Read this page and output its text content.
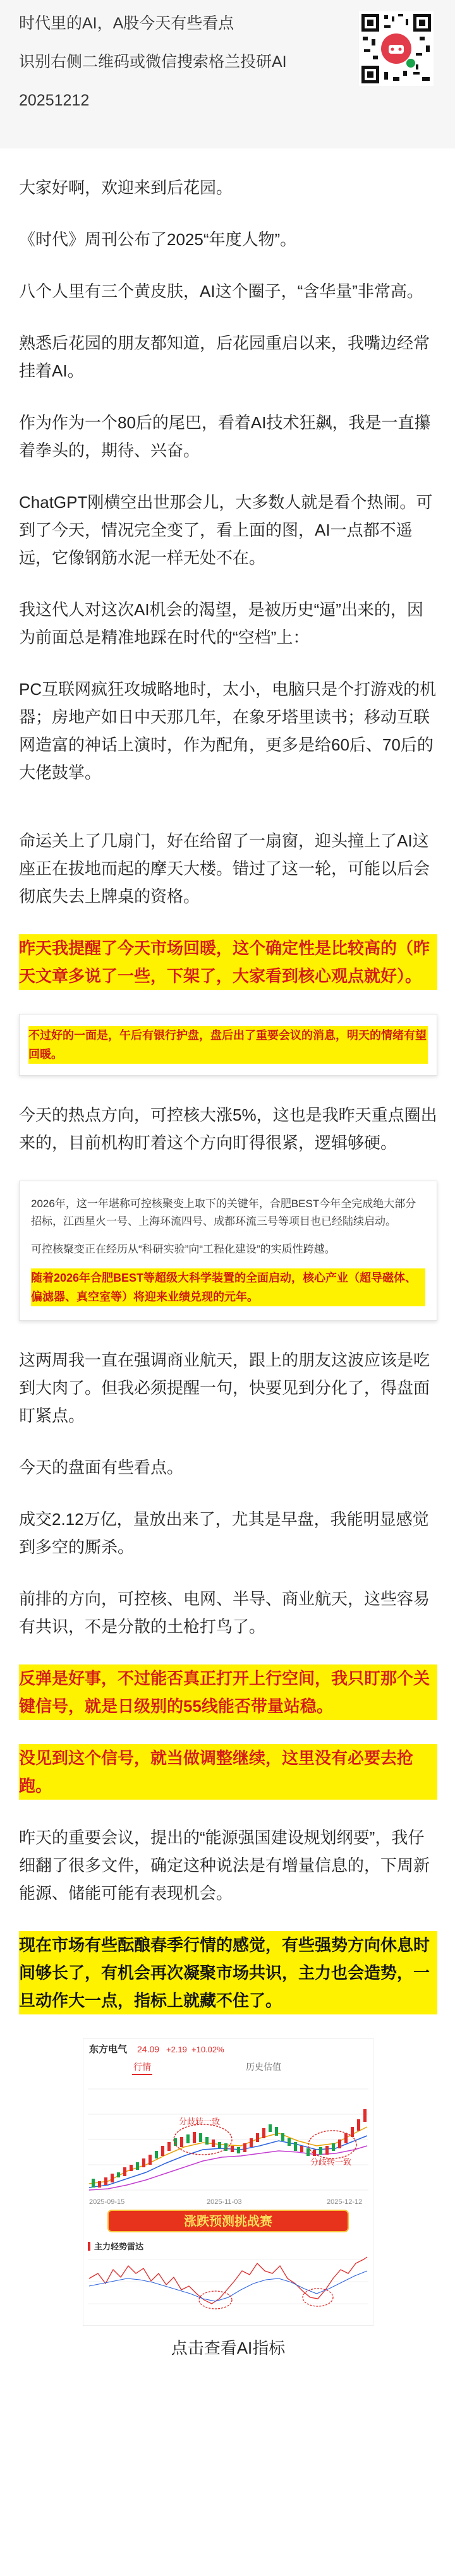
时代里的AI，A股今天有些看点
识别右侧二维码或微信搜索格兰投研AI
20251212

大家好啊，欢迎来到后花园。

《时代》周刊公布了2025“年度人物”。

八个人里有三个黄皮肤，AI这个圈子，“含华量”非常高。

熟悉后花园的朋友都知道，后花园重启以来，我嘴边经常挂着AI。

作为作为一个80后的尾巴，看着AI技术狂飙，我是一直攥着拳头的，期待、兴奋。

ChatGPT刚横空出世那会儿，大多数人就是看个热闹。可到了今天，情况完全变了，看上面的图，AI一点都不遥远，它像钢筋水泥一样无处不在。

我这代人对这次AI机会的渴望，是被历史“逼”出来的，因为前面总是精准地踩在时代的“空档”上：

PC互联网疯狂攻城略地时，太小，电脑只是个打游戏的机器；房地产如日中天那几年，在象牙塔里读书；移动互联网造富的神话上演时，作为配角，更多是给60后、70后的大佬鼓掌。

命运关上了几扇门，好在给留了一扇窗，迎头撞上了AI这座正在拔地而起的摩天大楼。错过了这一轮，可能以后会彻底失去上牌桌的资格。

昨天我提醒了今天市场回暖，这个确定性是比较高的（昨天文章多说了一些，下架了，大家看到核心观点就好）。

不过好的一面是，午后有银行护盘，盘后出了重要会议的消息，明天的情绪有望回暖。

今天的热点方向，可控核大涨5%，这也是我昨天重点圈出来的，目前机构盯着这个方向盯得很紧，逻辑够硬。

2026年，这一年堪称可控核聚变上取下的关键年，合肥BEST今年全完成绝大部分招标，江西星火一号、上海环流四号、成都环流三号等项目也已经陆续启动。
可控核聚变正在经历从“科研实验”向“工程化建设”的实质性跨越。
随着2026年合肥BEST等超级大科学装置的全面启动，核心产业（超导磁体、偏滤器、真空室等）将迎来业绩兑现的元年。

这两周我一直在强调商业航天，跟上的朋友这波应该是吃到大肉了。但我必须提醒一句，快要见到分化了，得盘面盯紧点。

今天的盘面有些看点。

成交2.12万亿，量放出来了，尤其是早盘，我能明显感觉到多空的厮杀。

前排的方向，可控核、电网、半导、商业航天，这些容易有共识，不是分散的土枪打鸟了。

反弹是好事，不过能否真正打开上行空间，我只盯那个关键信号，就是日级别的55线能否带量站稳。

没见到这个信号，就当做调整继续，这里没有必要去抢跑。

昨天的重要会议，提出的“能源强国建设规划纲要”，我仔细翻了很多文件，确定这种说法是有增量信息的，下周新能源、储能可能有表现机会。

现在市场有些酝酿春季行情的感觉，有些强势方向休息时间够长了，有机会再次凝聚市场共识，主力也会造势，一旦动作大一点，指标上就藏不住了。

东方电气 24.09 +2.19 +10.02%
行情	历史估值
分歧转一致
分歧转一致
2025-09-15	2025-11-03	2025-12-12
涨跌预测挑战赛
主力轻势雷达
点击查看AI指标
